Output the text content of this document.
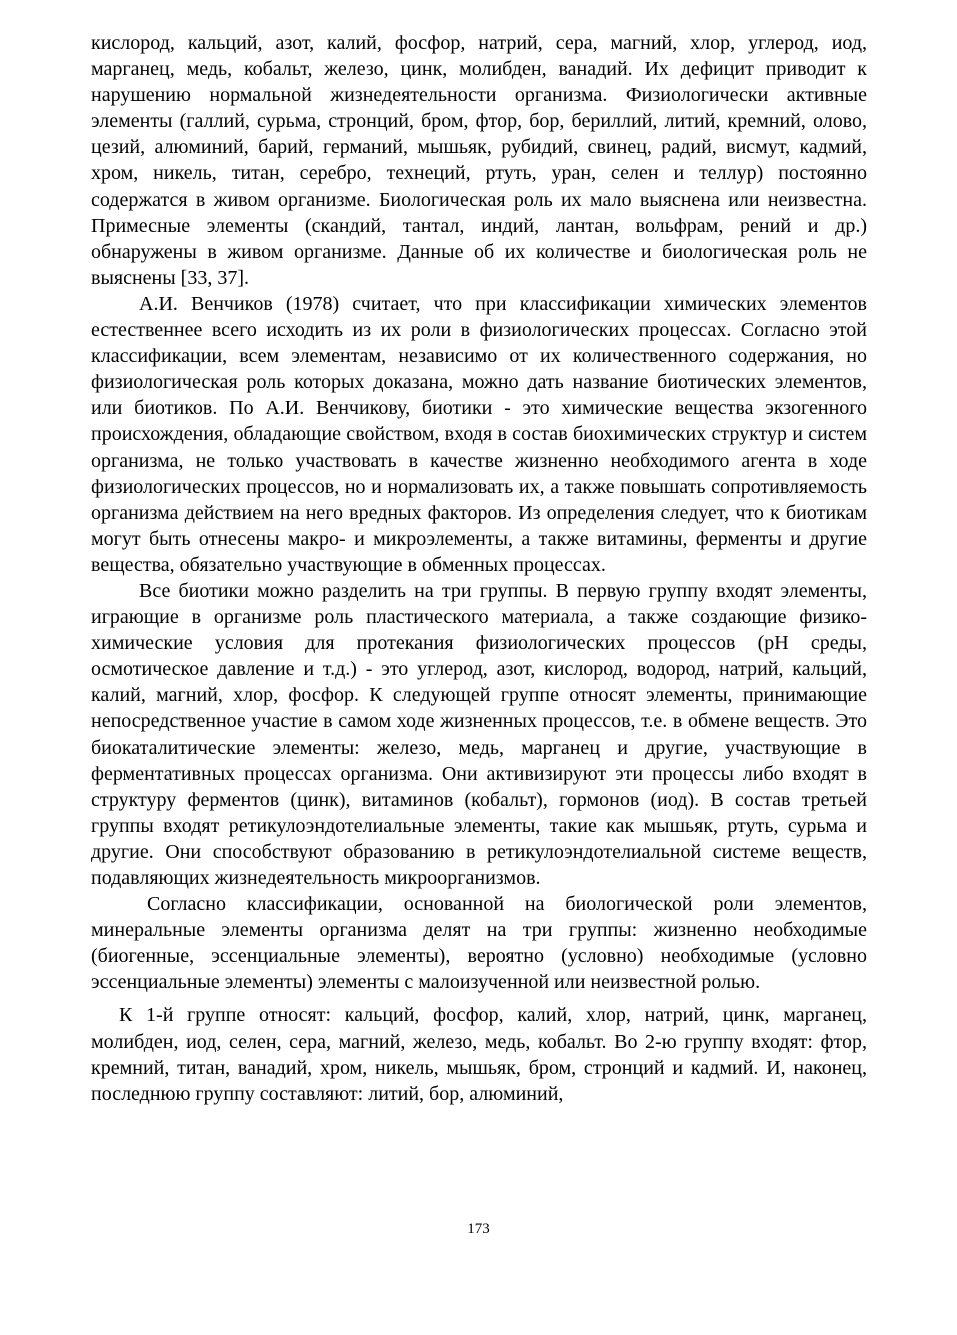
кислород, кальций, азот, калий, фосфор, натрий, сера, магний, хлор, углерод, иод, марганец, медь, кобальт, железо, цинк, молибден, ванадий. Их дефицит приводит к нарушению нормальной жизнедеятельности организма. Физиологически активные элементы (галлий, сурьма, стронций, бром, фтор, бор, бериллий, литий, кремний, олово, цезий, алюминий, барий, германий, мышьяк, рубидий, свинец, радий, висмут, кадмий, хром, никель, титан, серебро, технеций, ртуть, уран, селен и теллур) постоянно содержатся в живом организме. Биологическая роль их мало выяснена или неизвестна. Примесные элементы (скандий, тантал, индий, лантан, вольфрам, рений и др.) обнаружены в живом организме. Данные об их количестве и биологическая роль не выяснены [33, 37].

А.И. Венчиков (1978) считает, что при классификации химических элементов естественнее всего исходить из их роли в физиологических процессах. Согласно этой классификации, всем элементам, независимо от их количественного содержания, но физиологическая роль которых доказана, можно дать название биотических элементов, или биотиков. По А.И. Венчикову, биотики - это химические вещества экзогенного происхождения, обладающие свойством, входя в состав биохимических структур и систем организма, не только участвовать в качестве жизненно необходимого агента в ходе физиологических процессов, но и нормализовать их, а также повышать сопротивляемость организма действием на него вредных факторов. Из определения следует, что к биотикам могут быть отнесены макро- и микроэлементы, а также витамины, ферменты и другие вещества, обязательно участвующие в обменных процессах.

Все биотики можно разделить на три группы. В первую группу входят элементы, играющие в организме роль пластического материала, а также создающие физико-химические условия для протекания физиологических процессов (pH среды, осмотическое давление и т.д.) - это углерод, азот, кислород, водород, натрий, кальций, калий, магний, хлор, фосфор. К следующей группе относят элементы, принимающие непосредственное участие в самом ходе жизненных процессов, т.е. в обмене веществ. Это биокаталитические элементы: железо, медь, марганец и другие, участвующие в ферментативных процессах организма. Они активизируют эти процессы либо входят в структуру ферментов (цинк), витаминов (кобальт), гормонов (иод). В состав третьей группы входят ретикулоэндотелиальные элементы, такие как мышьяк, ртуть, сурьма и другие. Они способствуют образованию в ретикулоэндотелиальной системе веществ, подавляющих жизнедеятельность микроорганизмов.

Согласно классификации, основанной на биологической роли элементов, минеральные элементы организма делят на три группы: жизненно необходимые (биогенные, эссенциальные элементы), вероятно (условно) необходимые (условно эссенциальные элементы) элементы с малоизученной или неизвестной ролью.

К 1-й группе относят: кальций, фосфор, калий, хлор, натрий, цинк, марганец, молибден, иод, селен, сера, магний, железо, медь, кобальт. Во 2-ю группу входят: фтор, кремний, титан, ванадий, хром, никель, мышьяк, бром, стронций и кадмий. И, наконец, последнюю группу составляют: литий, бор, алюминий,

173
